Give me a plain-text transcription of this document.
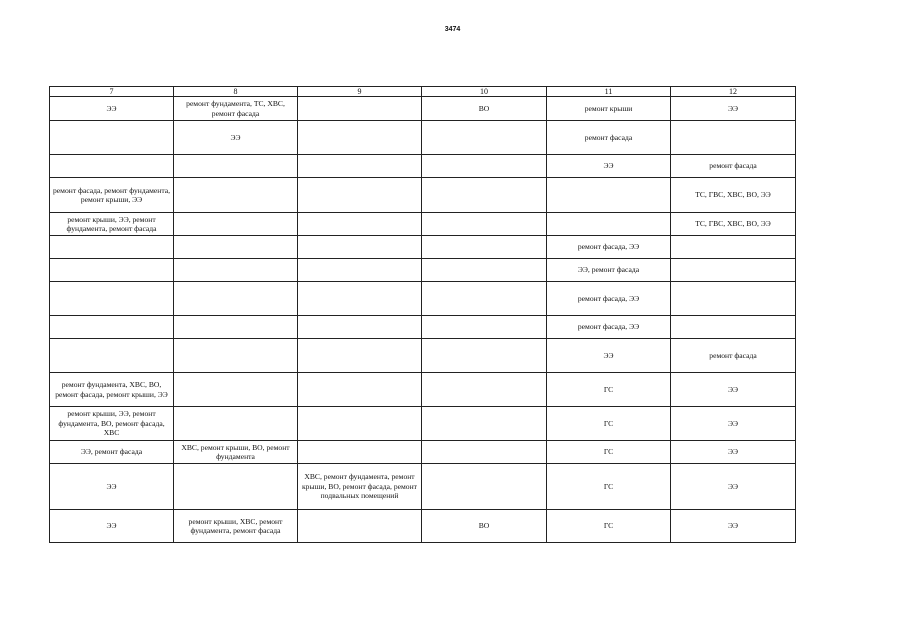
3474
7	8	9	10	11	12
ЭЭ	ремонт фундамента, ТС, ХВС, ремонт фасада		ВО	ремонт крыши	ЭЭ
	ЭЭ			ремонт фасада	
				ЭЭ	ремонт фасада
ремонт фасада, ремонт фундамента, ремонт крыши, ЭЭ					ТС, ГВС, ХВС, ВО, ЭЭ
ремонт крыши, ЭЭ, ремонт фундамента, ремонт фасада					ТС, ГВС, ХВС, ВО, ЭЭ
				ремонт фасада, ЭЭ	
				ЭЭ, ремонт фасада	
				ремонт фасада, ЭЭ	
				ремонт фасада, ЭЭ	
				ЭЭ	ремонт фасада
ремонт фундамента, ХВС, ВО, ремонт фасада, ремонт крыши, ЭЭ				ГС	ЭЭ
ремонт крыши, ЭЭ, ремонт фундамента, ВО, ремонт фасада, ХВС				ГС	ЭЭ
ЭЭ, ремонт фасада	ХВС, ремонт крыши, ВО, ремонт фундамента			ГС	ЭЭ
ЭЭ		ХВС, ремонт фундамента, ремонт крыши, ВО, ремонт фасада, ремонт подвальных помещений		ГС	ЭЭ
ЭЭ	ремонт крыши, ХВС, ремонт фундамента, ремонт фасада		ВО	ГС	ЭЭ
